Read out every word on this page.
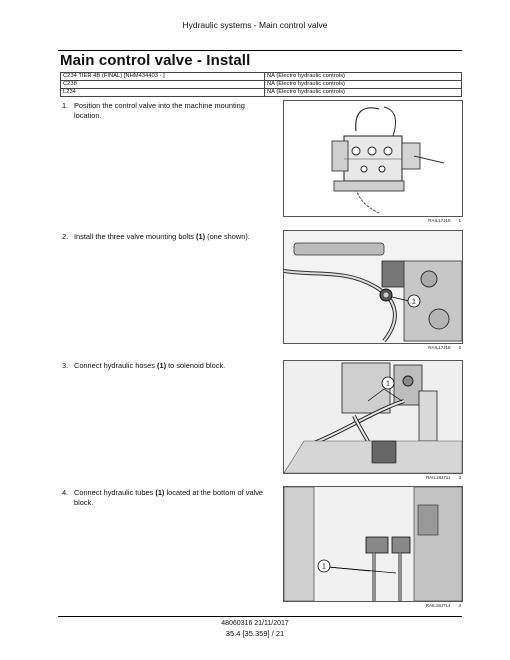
Hydraulic systems - Main control valve
Main control valve - Install
C234 TIER 4B (FINAL) [NHM434403 - ]	NA (Electro hydraulic controls)
C238	NA (Electro hydraulic controls)
L234	NA (Electro hydraulic controls)
1. Position the control valve into the machine mounting location.
2. Install the three valve mounting bolts (1) (one shown).
3. Connect hydraulic hoses (1) to solenoid block.
4. Connect hydraulic tubes (1) located at the bottom of valve block.
RAIL17J18 1
1
RAIL17J18 2
1
RAIL18J711 3
1
RAIL18J714 4
48060316 21/11/2017
35.4 [35.359] / 21
